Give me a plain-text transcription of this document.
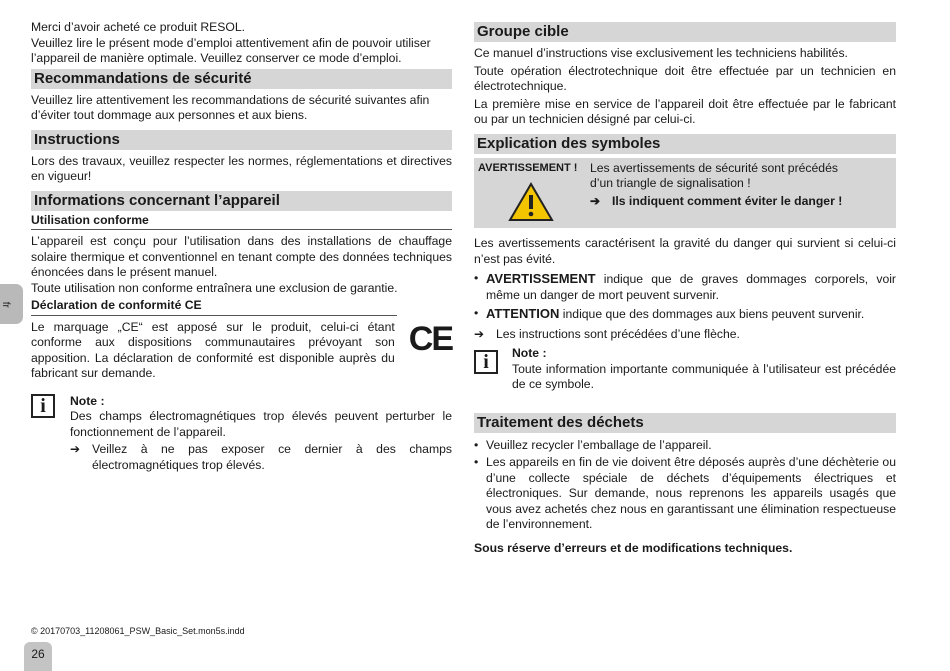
fr

Merci d’avoir acheté ce produit RESOL.

Veuillez lire le présent mode d’emploi attentivement afin de pouvoir utiliser l’appareil de manière optimale. Veuillez conserver ce mode d’emploi.

Recommandations de sécurité

Veuillez lire attentivement les recommandations de sécurité suivantes afin d’éviter tout dommage aux personnes et aux biens.

Instructions

Lors des travaux, veuillez respecter les normes, réglementations et directives en vigueur!

Informations concernant l’appareil
Utilisation conforme

L’appareil est conçu pour l’utilisation dans des installations de chauffage solaire thermique et conventionnel en tenant compte des données techniques énoncées dans le présent manuel.

Toute utilisation non conforme entraînera une exclusion de garantie.

Déclaration de conformité CE

Le marquage „CE“ est apposé sur le produit, celui-ci étant conforme aux dispositions communautaires prévoyant son apposition. La déclaration de conformité est disponible auprès du fabricant sur demande.

CE
i	Note :

Des champs électromagnétiques trop élevés peuvent perturber le fonctionnement de l’appareil.

➔ Veillez à ne pas exposer ce dernier à des champs électromagnétiques trop élevés.

Groupe cible

Ce manuel d’instructions vise exclusivement les techniciens habilités.

Toute opération électrotechnique doit être effectuée par un technicien en électrotechnique.

La première mise en service de l’appareil doit être effectuée par le fabricant ou par un technicien désigné par celui-ci.

Explication des symboles
AVERTISSEMENT !	Les avertissements de sécurité sont précédés d’un triangle de signalisation !

➔ Ils indiquent comment éviter le danger !

Les avertissements caractérisent la gravité du danger qui survient si celui-ci n’est pas évité.

• AVERTISSEMENT indique que de graves dommages corporels, voir même un danger de mort peuvent survenir.

• ATTENTION indique que des dommages aux biens peuvent survenir.

➔ Les instructions sont précédées d’une flèche.

i	Note :

Toute information importante communiquée à l’utilisateur est précédée de ce symbole.

Traitement des déchets
• Veuillez recycler l’emballage de l’appareil.

• Les appareils en fin de vie doivent être déposés auprès d’une déchèterie ou d’une collecte spéciale de déchets d’équipements électriques et électroniques. Sur demande, nous reprenons les appareils usagés que vous avez achetés chez nous en garantissant une élimination respectueuse de l’environnement.

Sous réserve d’erreurs et de modifications techniques.

© 20170703_11208061_PSW_Basic_Set.mon5s.indd
26
